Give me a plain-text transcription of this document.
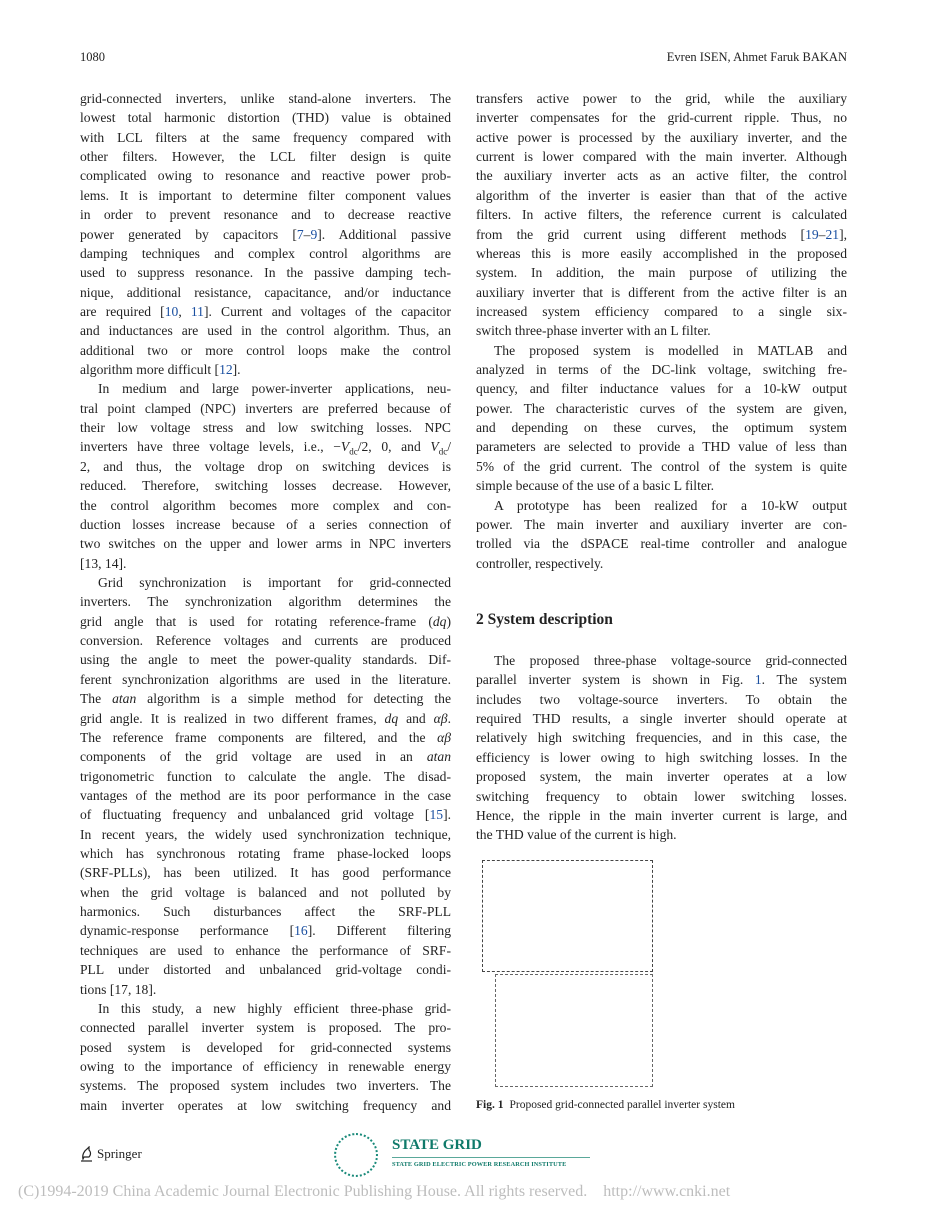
1080	Evren ISEN, Ahmet Faruk BAKAN
grid-connected inverters, unlike stand-alone inverters. The
lowest total harmonic distortion (THD) value is obtained
with LCL filters at the same frequency compared with
other filters. However, the LCL filter design is quite
complicated owing to resonance and reactive power prob-
lems. It is important to determine filter component values
in order to prevent resonance and to decrease reactive
power generated by capacitors [7–9]. Additional passive
damping techniques and complex control algorithms are
used to suppress resonance. In the passive damping tech-
nique, additional resistance, capacitance, and/or inductance
are required [10, 11]. Current and voltages of the capacitor
and inductances are used in the control algorithm. Thus, an
additional two or more control loops make the control
algorithm more difficult [12].
In medium and large power-inverter applications, neu-
tral point clamped (NPC) inverters are preferred because of
their low voltage stress and low switching losses. NPC
inverters have three voltage levels, i.e., $-V_{dc}/2$, 0, and $V_{dc}/$
2, and thus, the voltage drop on switching devices is
reduced. Therefore, switching losses decrease. However,
the control algorithm becomes more complex and con-
duction losses increase because of a series connection of
two switches on the upper and lower arms in NPC inverters
[13, 14].
Grid synchronization is important for grid-connected
inverters. The synchronization algorithm determines the
grid angle that is used for rotating reference-frame (dq)
conversion. Reference voltages and currents are produced
using the angle to meet the power-quality standards. Dif-
ferent synchronization algorithms are used in the literature.
The atan algorithm is a simple method for detecting the
grid angle. It is realized in two different frames, dq and αβ.
The reference frame components are filtered, and the αβ
components of the grid voltage are used in an atan
trigonometric function to calculate the angle. The disad-
vantages of the method are its poor performance in the case
of fluctuating frequency and unbalanced grid voltage [15].
In recent years, the widely used synchronization technique,
which has synchronous rotating frame phase-locked loops
(SRF-PLLs), has been utilized. It has good performance
when the grid voltage is balanced and not polluted by
harmonics. Such disturbances affect the SRF-PLL
dynamic-response performance [16]. Different filtering
techniques are used to enhance the performance of SRF-
PLL under distorted and unbalanced grid-voltage condi-
tions [17, 18].
In this study, a new highly efficient three-phase grid-
connected parallel inverter system is proposed. The pro-
posed system is developed for grid-connected systems
owing to the importance of efficiency in renewable energy
systems. The proposed system includes two inverters. The
main inverter operates at low switching frequency and
transfers active power to the grid, while the auxiliary
inverter compensates for the grid-current ripple. Thus, no
active power is processed by the auxiliary inverter, and the
current is lower compared with the main inverter. Although
the auxiliary inverter acts as an active filter, the control
algorithm of the inverter is easier than that of the active
filters. In active filters, the reference current is calculated
from the grid current using different methods [19–21],
whereas this is more easily accomplished in the proposed
system. In addition, the main purpose of utilizing the
auxiliary inverter that is different from the active filter is an
increased system efficiency compared to a single six-
switch three-phase inverter with an L filter.
The proposed system is modelled in MATLAB and
analyzed in terms of the DC-link voltage, switching fre-
quency, and filter inductance values for a 10-kW output
power. The characteristic curves of the system are given,
and depending on these curves, the optimum system
parameters are selected to provide a THD value of less than
5% of the grid current. The control of the system is quite
simple because of the use of a basic L filter.
A prototype has been realized for a 10-kW output
power. The main inverter and auxiliary inverter are con-
trolled via the dSPACE real-time controller and analogue
controller, respectively.
2 System description
The proposed three-phase voltage-source grid-connected
parallel inverter system is shown in Fig. 1. The system
includes two voltage-source inverters. To obtain the
required THD results, a single inverter should operate at
relatively high switching frequencies, and in this case, the
efficiency is lower owing to high switching losses. In the
proposed system, the main inverter operates at a low
switching frequency to obtain lower switching losses.
Hence, the ripple in the main inverter current is large, and
the THD value of the current is high.
Fig. 1 Proposed grid-connected parallel inverter system
Springer
STATE GRID
STATE GRID ELECTRIC POWER RESEARCH INSTITUTE
(C)1994-2019 China Academic Journal Electronic Publishing House. All rights reserved.    http://www.cnki.net
